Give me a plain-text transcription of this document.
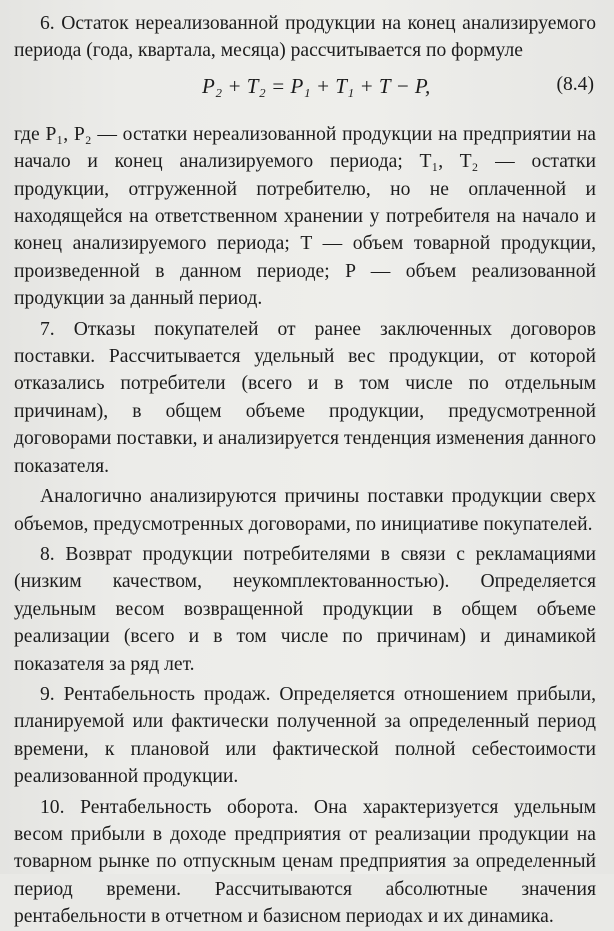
6. Остаток нереализованной продукции на конец анализируемого периода (года, квартала, месяца) рассчитывается по формуле

P₂ + T₂ = P₁ + T₁ + T − P,	(8.4)

где P₁, P₂ — остатки нереализованной продукции на предприятии на начало и конец анализируемого периода; T₁, T₂ — остатки продукции, отгруженной потребителю, но не оплаченной и находящейся на ответственном хранении у потребителя на начало и конец анализируемого периода; T — объем товарной продукции, произведенной в данном периоде; P — объем реализованной продукции за данный период.

7. Отказы покупателей от ранее заключенных договоров поставки. Рассчитывается удельный вес продукции, от которой отказались потребители (всего и в том числе по отдельным причинам), в общем объеме продукции, предусмотренной договорами поставки, и анализируется тенденция изменения данного показателя.

Аналогично анализируются причины поставки продукции сверх объемов, предусмотренных договорами, по инициативе покупателей.

8. Возврат продукции потребителями в связи с рекламациями (низким качеством, неукомплектованностью). Определяется удельным весом возвращенной продукции в общем объеме реализации (всего и в том числе по причинам) и динамикой показателя за ряд лет.

9. Рентабельность продаж. Определяется отношением прибыли, планируемой или фактически полученной за определенный период времени, к плановой или фактической полной себестоимости реализованной продукции.

10. Рентабельность оборота. Она характеризуется удельным весом прибыли в доходе предприятия от реализации продукции на товарном рынке по отпускным ценам предприятия за определенный период времени. Рассчитываются абсолютные значения рентабельности в отчетном и базисном периодах и их динамика.
